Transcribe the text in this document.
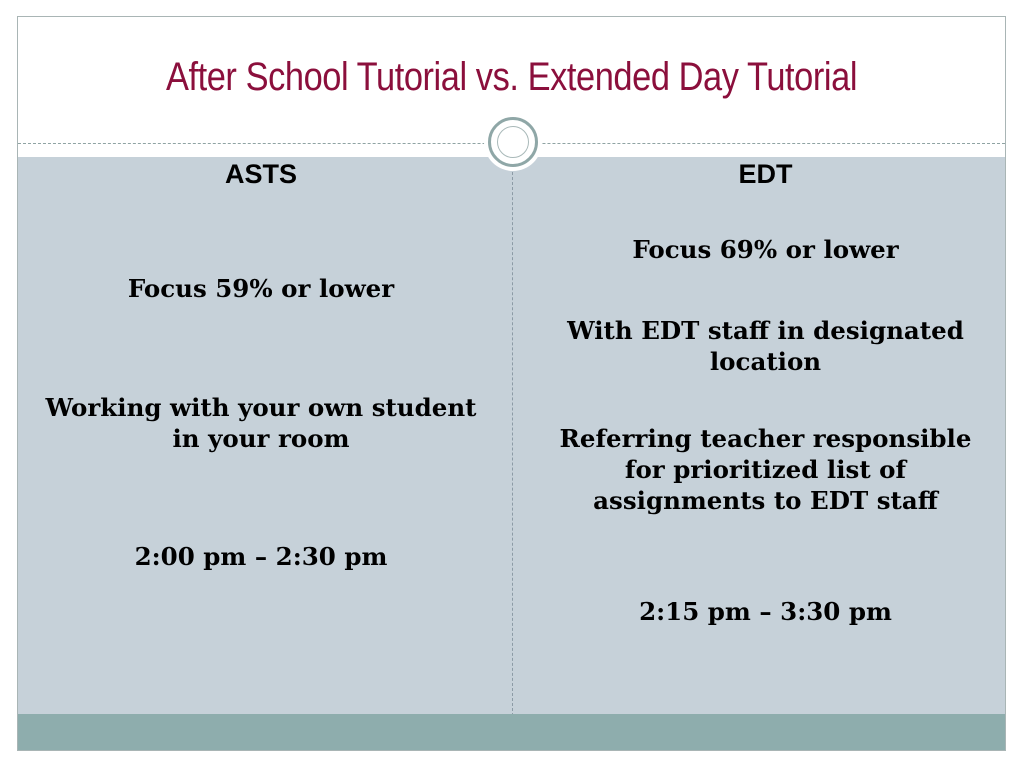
After School Tutorial vs. Extended Day Tutorial
ASTS
Focus 59% or lower
Working with your own student in your room
2:00 pm – 2:30 pm
EDT
Focus 69% or lower
With EDT staff in designated location
Referring teacher responsible for prioritized list of assignments to EDT staff
2:15 pm – 3:30 pm
